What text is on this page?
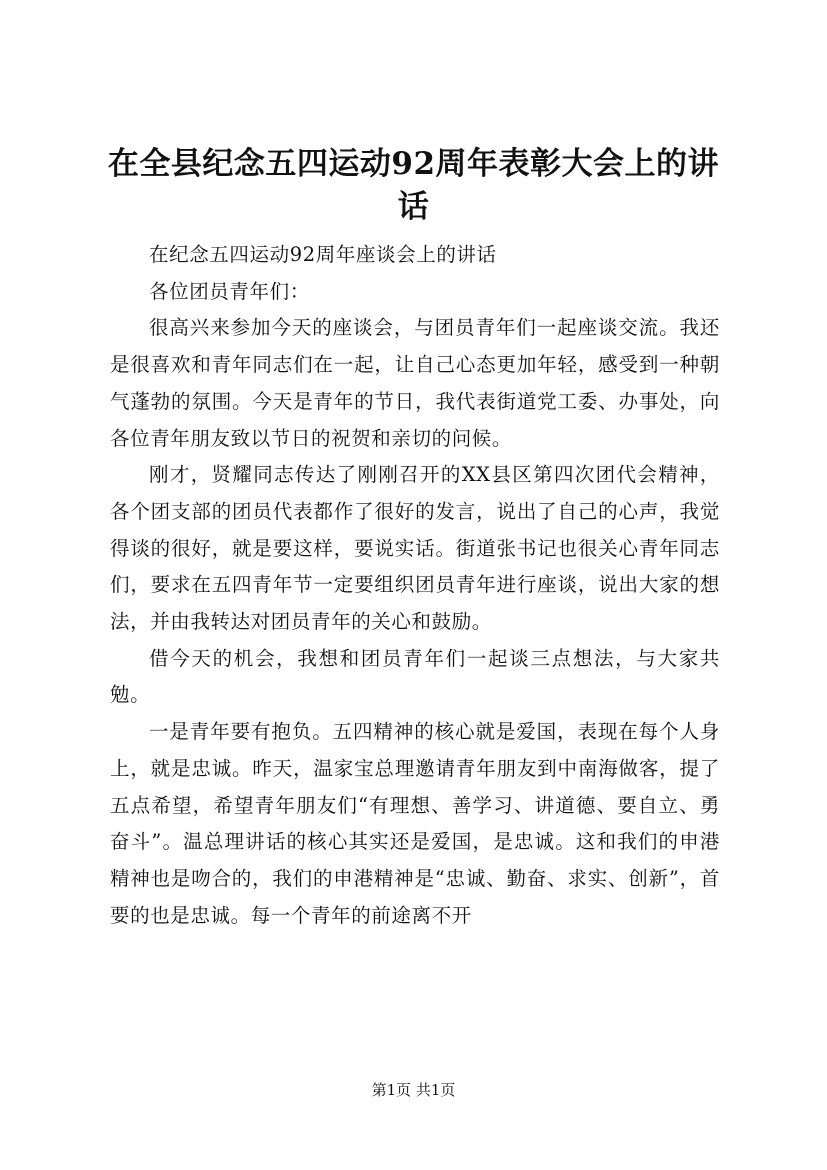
在全县纪念五四运动92周年表彰大会上的讲话

在纪念五四运动92周年座谈会上的讲话

各位团员青年们：

很高兴来参加今天的座谈会，与团员青年们一起座谈交流。我还是很喜欢和青年同志们在一起，让自己心态更加年轻，感受到一种朝气蓬勃的氛围。今天是青年的节日，我代表街道党工委、办事处，向各位青年朋友致以节日的祝贺和亲切的问候。

刚才，贤耀同志传达了刚刚召开的XX县区第四次团代会精神，各个团支部的团员代表都作了很好的发言，说出了自己的心声，我觉得谈的很好，就是要这样，要说实话。街道张书记也很关心青年同志们，要求在五四青年节一定要组织团员青年进行座谈，说出大家的想法，并由我转达对团员青年的关心和鼓励。

借今天的机会，我想和团员青年们一起谈三点想法，与大家共勉。

一是青年要有抱负。五四精神的核心就是爱国，表现在每个人身上，就是忠诚。昨天，温家宝总理邀请青年朋友到中南海做客，提了五点希望，希望青年朋友们“有理想、善学习、讲道德、要自立、勇奋斗”。温总理讲话的核心其实还是爱国，是忠诚。这和我们的申港精神也是吻合的，我们的申港精神是“忠诚、勤奋、求实、创新”，首要的也是忠诚。每一个青年的前途离不开

第1页 共1页
